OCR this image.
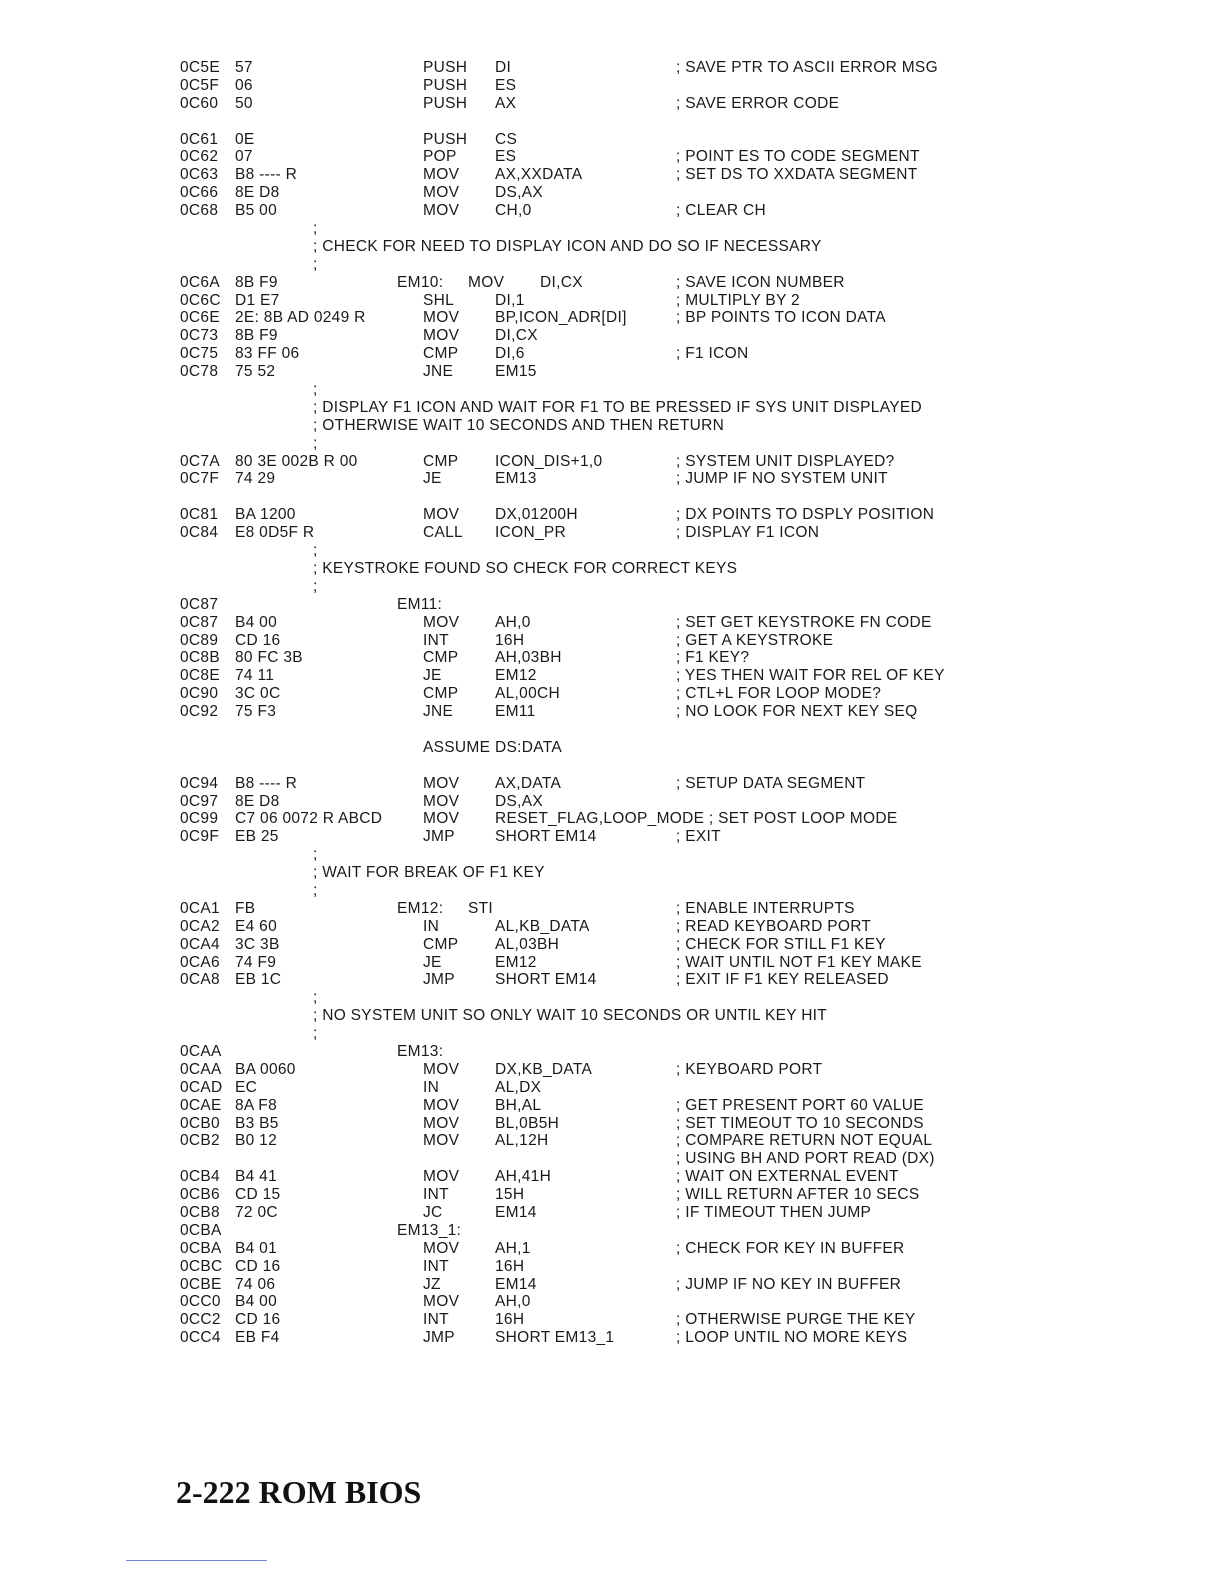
0C5E 57	PUSH DI	; SAVE PTR TO ASCII ERROR MSG
0C5F 06	PUSH ES
0C60 50	PUSH AX	; SAVE ERROR CODE
0C61 0E	PUSH CS
0C62 07	POP ES	; POINT ES TO CODE SEGMENT
0C63 B8 ---- R	MOV AX,XXDATA	; SET DS TO XXDATA SEGMENT
0C66 8E D8	MOV DS,AX
0C68 B5 00	MOV CH,0	; CLEAR CH
;
; CHECK FOR NEED TO DISPLAY ICON AND DO SO IF NECESSARY
;
0C6A 8B F9	EM10: MOV DI,CX	; SAVE ICON NUMBER
0C6C D1 E7	SHL	DI,1	; MULTIPLY BY 2
0C6E 2E: 8B AD 0249 R	MOV BP,ICON_ADR[DI]	; BP POINTS TO ICON DATA
0C73 8B F9	MOV DI,CX
0C75 83 FF 06	CMP DI,6	; F1 ICON
0C78 75 52	JNE	EM15
;
; DISPLAY F1 ICON AND WAIT FOR F1 TO BE PRESSED IF SYS UNIT DISPLAYED
; OTHERWISE WAIT 10 SECONDS AND THEN RETURN
;
0C7A 80 3E 002B R 00	CMP ICON_DIS+1,0	; SYSTEM UNIT DISPLAYED?
0C7F 74 29	JE	EM13	; JUMP IF NO SYSTEM UNIT
0C81 BA 1200	MOV DX,01200H	; DX POINTS TO DSPLY POSITION
0C84 E8 0D5F R	CALL ICON_PR	; DISPLAY F1 ICON
;
; KEYSTROKE FOUND SO CHECK FOR CORRECT KEYS
;
0C87	EM11:
0C87 B4 00	MOV AH,0	; SET GET KEYSTROKE FN CODE
0C89 CD 16	INT	16H	; GET A KEYSTROKE
0C8B 80 FC 3B	CMP AH,03BH	; F1 KEY?
0C8E 74 11	JE	EM12	; YES THEN WAIT FOR REL OF KEY
0C90 3C 0C	CMP AL,00CH	; CTL+L FOR LOOP MODE?
0C92 75 F3	JNE	EM11	; NO LOOK FOR NEXT KEY SEQ
ASSUME DS:DATA
0C94 B8 ---- R	MOV AX,DATA	; SETUP DATA SEGMENT
0C97 8E D8	MOV DS,AX
0C99 C7 06 0072 R ABCD	MOV RESET_FLAG,LOOP_MODE ; SET POST LOOP MODE
0C9F EB 25	JMP	SHORT EM14	; EXIT
;
; WAIT FOR BREAK OF F1 KEY
;
0CA1 FB	EM12: STI	; ENABLE INTERRUPTS
0CA2 E4 60	IN	AL,KB_DATA	; READ KEYBOARD PORT
0CA4 3C 3B	CMP AL,03BH	; CHECK FOR STILL F1 KEY
0CA6 74 F9	JE	EM12	; WAIT UNTIL NOT F1 KEY MAKE
0CA8 EB 1C	JMP	SHORT EM14	; EXIT IF F1 KEY RELEASED
;
; NO SYSTEM UNIT SO ONLY WAIT 10 SECONDS OR UNTIL KEY HIT
;
0CAA	EM13:
0CAA BA 0060	MOV DX,KB_DATA	; KEYBOARD PORT
0CAD EC	IN	AL,DX
0CAE 8A F8	MOV BH,AL	; GET PRESENT PORT 60 VALUE
0CB0 B3 B5	MOV BL,0B5H	; SET TIMEOUT TO 10 SECONDS
0CB2 B0 12	MOV AL,12H	; COMPARE RETURN NOT EQUAL
; USING BH AND PORT READ (DX)
0CB4 B4 41	MOV AH,41H	; WAIT ON EXTERNAL EVENT
0CB6 CD 15	INT	15H	; WILL RETURN AFTER 10 SECS
0CB8 72 0C	JC	EM14	; IF TIMEOUT THEN JUMP
0CBA	EM13_1:
0CBA B4 01	MOV AH,1	; CHECK FOR KEY IN BUFFER
0CBC CD 16	INT	16H
0CBE 74 06	JZ	EM14	; JUMP IF NO KEY IN BUFFER
0CC0 B4 00	MOV AH,0
0CC2 CD 16	INT	16H	; OTHERWISE PURGE THE KEY
0CC4 EB F4	JMP	SHORT EM13_1	; LOOP UNTIL NO MORE KEYS
2-222 ROM BIOS
